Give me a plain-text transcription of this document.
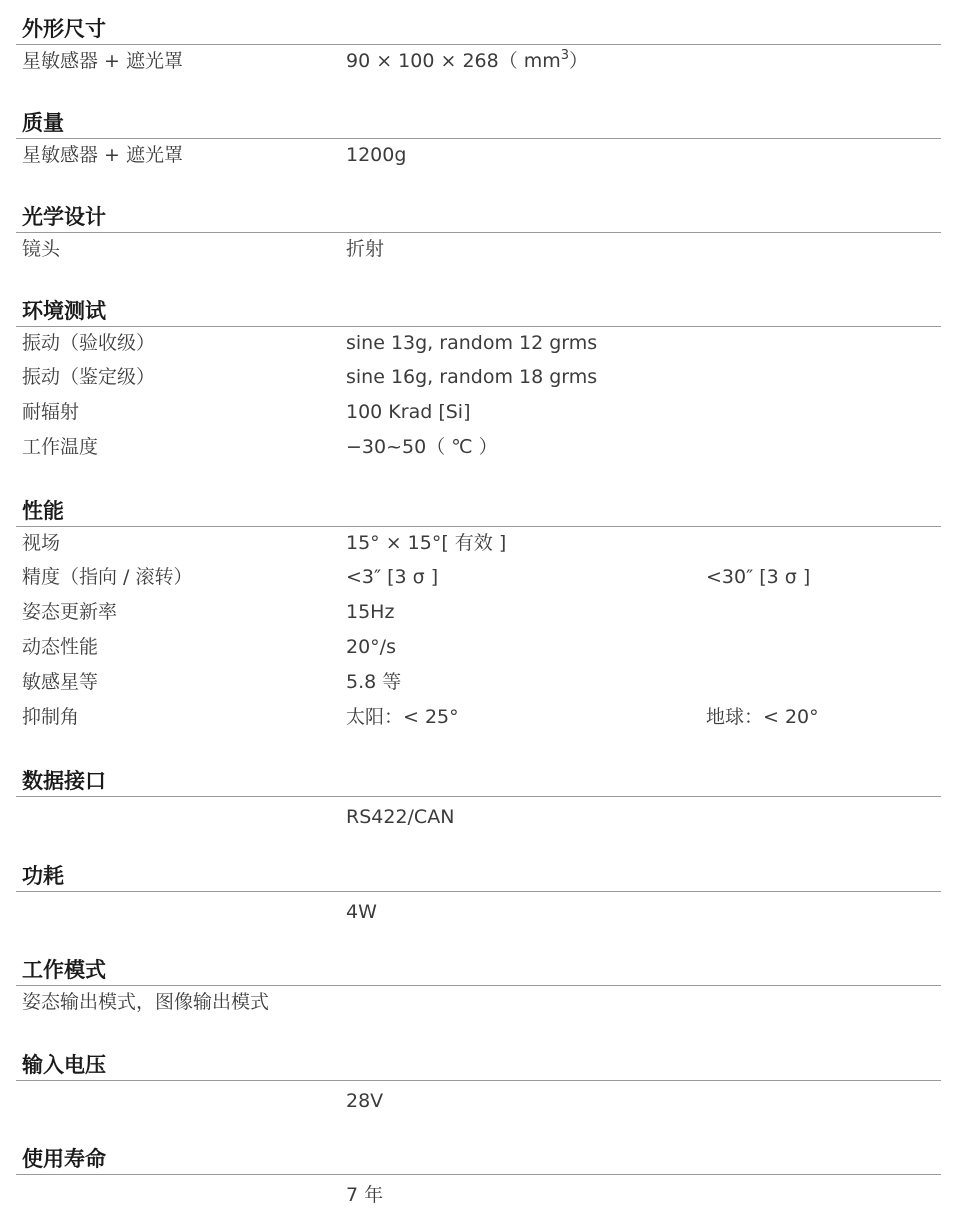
外形尺寸
星敏感器 + 遮光罩	90 × 100 × 268（ $mm^3$）
质量
星敏感器 + 遮光罩	1200g
光学设计
镜头	折射
环境测试
振动（验收级）	sine 13g, random 12 grms
振动（鉴定级）	sine 16g, random 18 grms
耐辐射	100 Krad [Si]
工作温度	−30~50（ ℃ ）
性能
视场	15° × 15°[ 有效 ]
精度（指向 / 滚转）	<3″ [3 σ ]	<30″ [3 σ ]
姿态更新率	15Hz
动态性能	20°/s
敏感星等	5.8 等
抑制角	太阳：< 25°	地球：< 20°
数据接口
RS422/CAN
功耗
4W
工作模式
姿态输出模式，图像输出模式
输入电压
28V
使用寿命
7 年
